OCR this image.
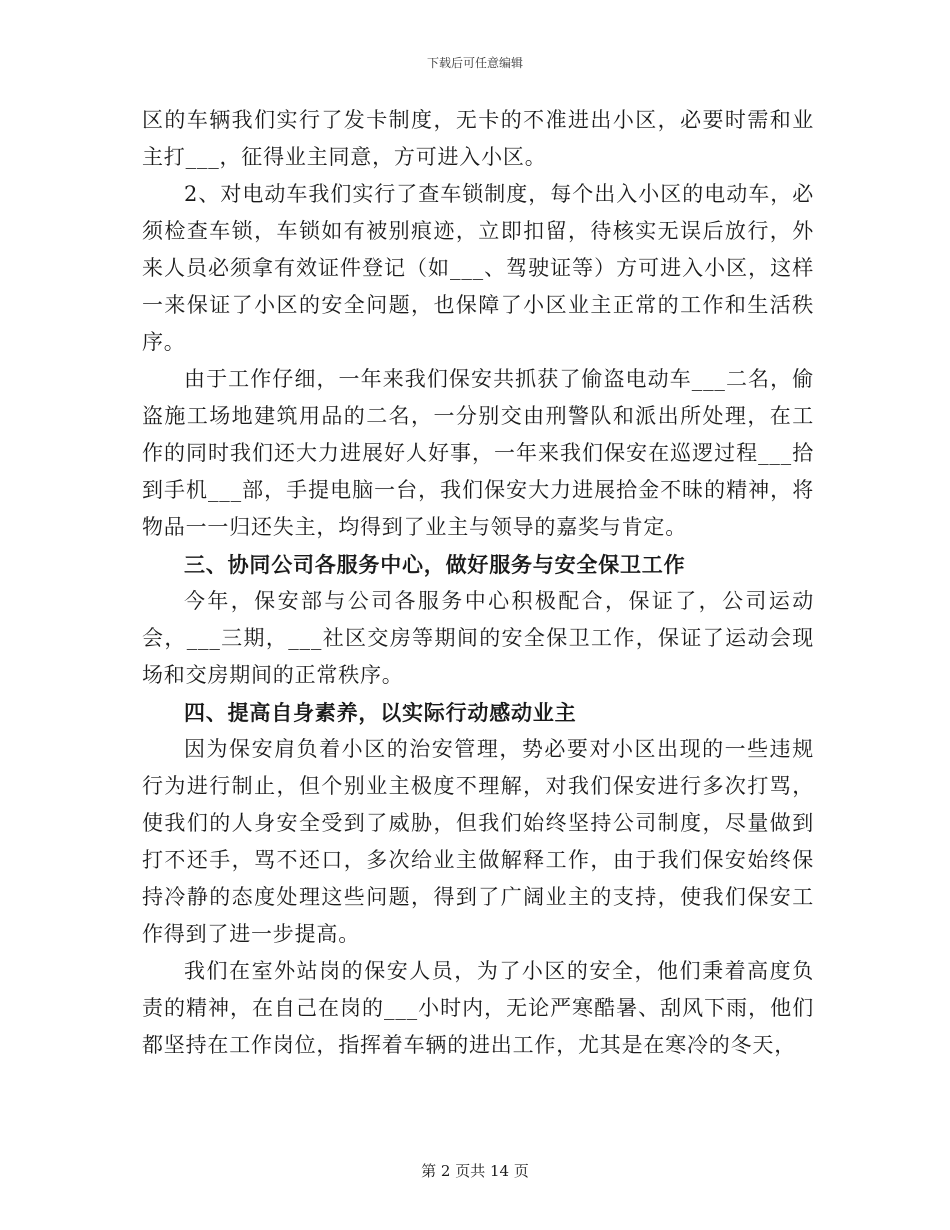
下载后可任意编辑

区的车辆我们实行了发卡制度，无卡的不准进出小区，必要时需和业主打___，征得业主同意，方可进入小区。

2、对电动车我们实行了查车锁制度，每个出入小区的电动车，必须检查车锁，车锁如有被别痕迹，立即扣留，待核实无误后放行，外来人员必须拿有效证件登记（如___、驾驶证等）方可进入小区，这样一来保证了小区的安全问题，也保障了小区业主正常的工作和生活秩序。

由于工作仔细，一年来我们保安共抓获了偷盗电动车___二名，偷盗施工场地建筑用品的二名，一分别交由刑警队和派出所处理，在工作的同时我们还大力进展好人好事，一年来我们保安在巡逻过程___拾到手机___部，手提电脑一台，我们保安大力进展拾金不昧的精神，将物品一一归还失主，均得到了业主与领导的嘉奖与肯定。

三、协同公司各服务中心，做好服务与安全保卫工作

今年，保安部与公司各服务中心积极配合，保证了，公司运动会，___三期，___社区交房等期间的安全保卫工作，保证了运动会现场和交房期间的正常秩序。

四、提高自身素养，以实际行动感动业主

因为保安肩负着小区的治安管理，势必要对小区出现的一些违规行为进行制止，但个别业主极度不理解，对我们保安进行多次打骂，使我们的人身安全受到了威胁，但我们始终坚持公司制度，尽量做到打不还手，骂不还口，多次给业主做解释工作，由于我们保安始终保持冷静的态度处理这些问题，得到了广阔业主的支持，使我们保安工作得到了进一步提高。

我们在室外站岗的保安人员，为了小区的安全，他们秉着高度负责的精神，在自己在岗的___小时内，无论严寒酷暑、刮风下雨，他们都坚持在工作岗位，指挥着车辆的进出工作，尤其是在寒冷的冬天，

第 2 页共 14 页
